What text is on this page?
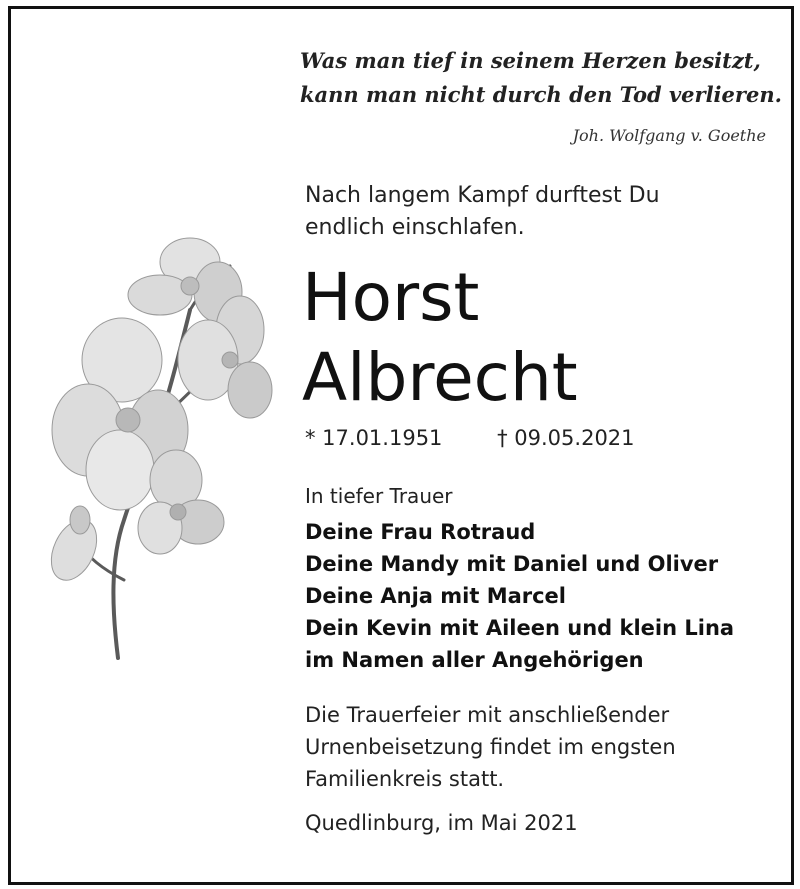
Was man tief in seinem Herzen besitzt,
kann man nicht durch den Tod verlieren.
Joh. Wolfgang v. Goethe
Nach langem Kampf durftest Du
endlich einschlafen.
Horst
Albrecht
* 17.01.1951	† 09.05.2021
In tiefer Trauer
Deine Frau Rotraud
Deine Mandy mit Daniel und Oliver
Deine Anja mit Marcel
Dein Kevin mit Aileen und klein Lina
im Namen aller Angehörigen
Die Trauerfeier mit anschließender
Urnenbeisetzung findet im engsten
Familienkreis statt.
Quedlinburg, im Mai 2021
